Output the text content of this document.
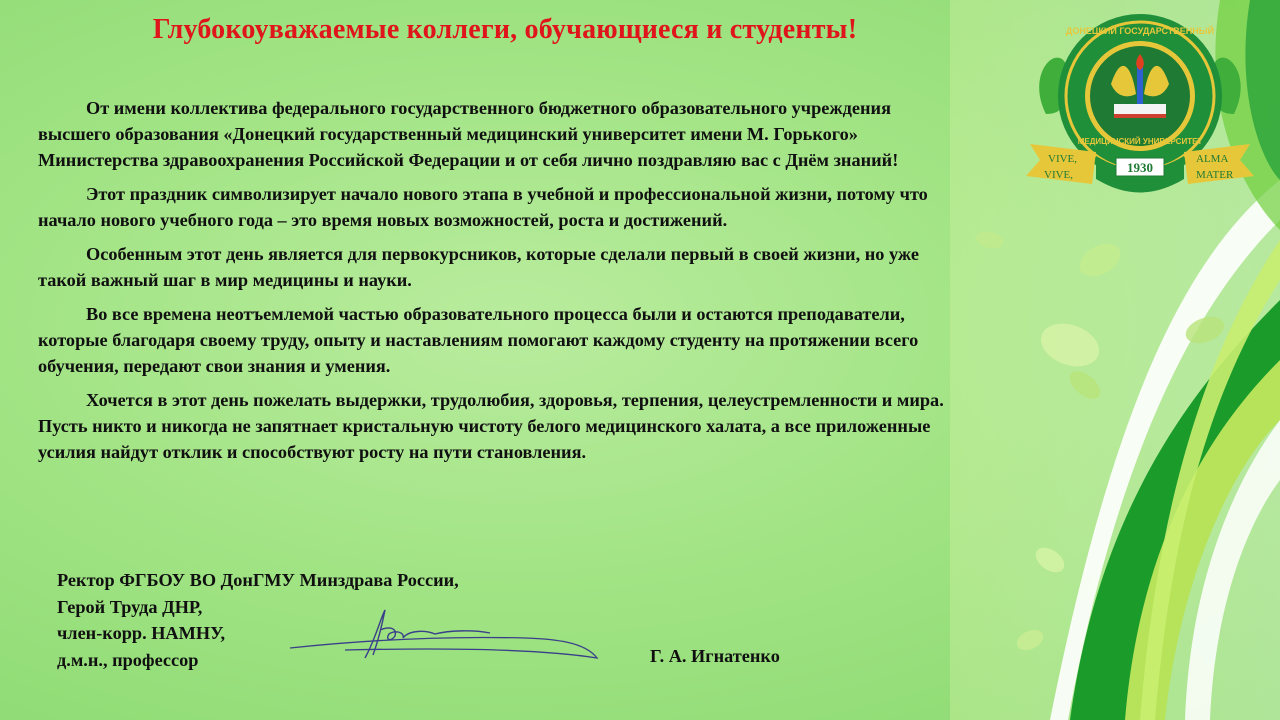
ДОНЕЦКИЙ ГОСУДАРСТВЕННЫЙ
МЕДИЦИНСКИЙ УНИВЕРСИТЕТ
VIVE,
VIVE,
ALMA
MATER
1930
Глубокоуважаемые коллеги, обучающиеся и студенты!

От имени коллектива федерального государственного бюджетного образовательного учреждения высшего образования «Донецкий государственный медицинский университет имени М. Горького» Министерства здравоохранения Российской Федерации и от себя лично поздравляю вас с Днём знаний!

Этот праздник символизирует начало нового этапа в учебной и профессиональной жизни, потому что начало нового учебного года – это время новых возможностей, роста и достижений.

Особенным этот день является для первокурсников, которые сделали первый в своей жизни, но уже такой важный шаг в мир медицины и науки.

Во все времена неотъемлемой частью образовательного процесса были и остаются преподаватели, которые благодаря своему труду, опыту и наставлениям помогают каждому студенту на протяжении всего обучения, передают свои знания и умения.

Хочется в этот день пожелать выдержки, трудолюбия, здоровья, терпения, целеустремленности и мира. Пусть никто и никогда не запятнает кристальную чистоту белого медицинского халата, а все приложенные усилия найдут отклик и способствуют росту на пути становления.

Ректор ФГБОУ ВО ДонГМУ Минздрава России,
Герой Труда ДНР,
член-корр. НАМНУ,
д.м.н., профессор	Г. А. Игнатенко
